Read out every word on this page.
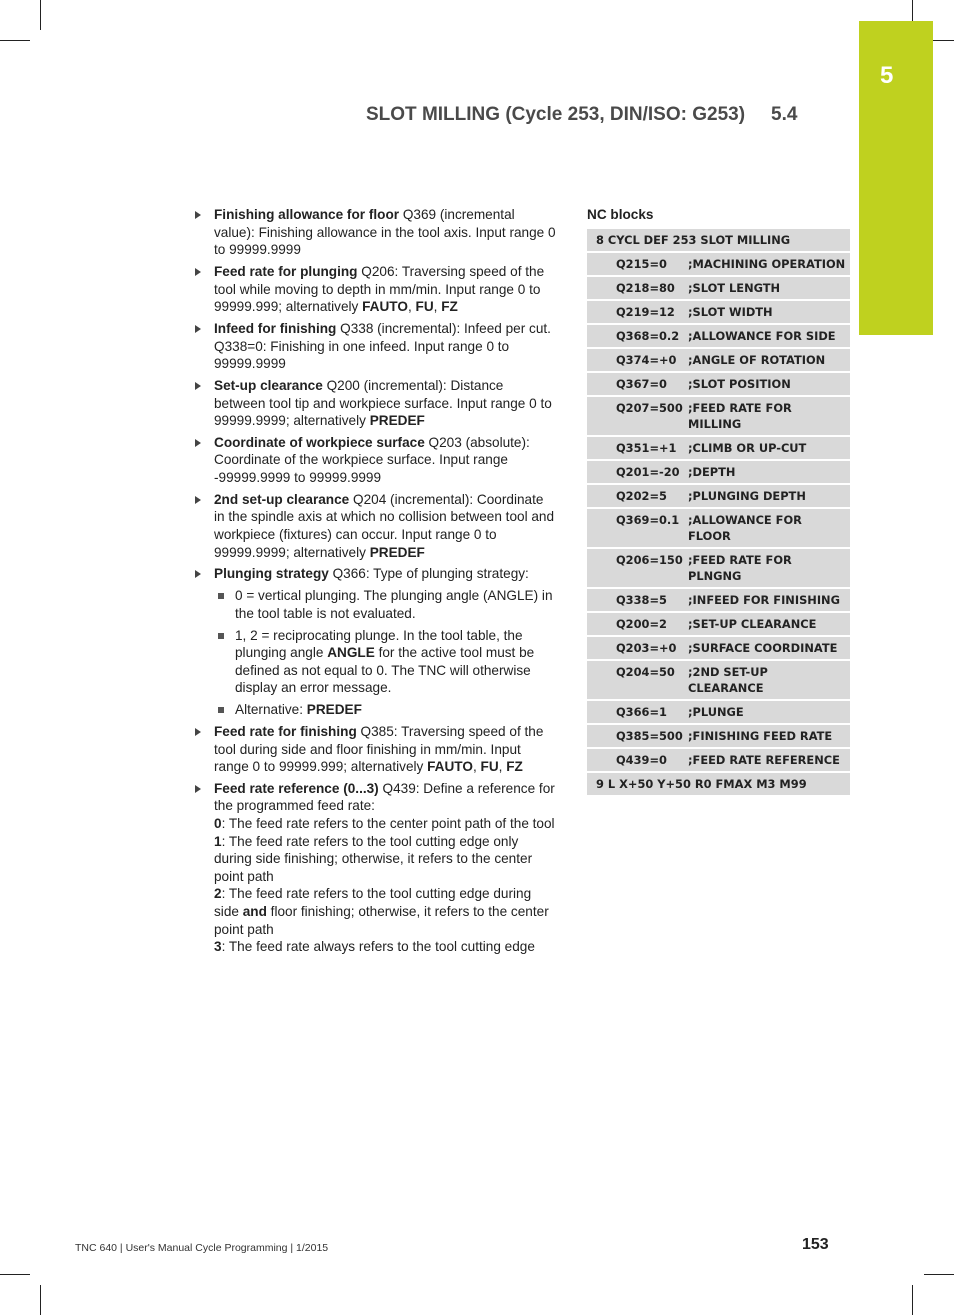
5
SLOT MILLING (Cycle 253, DIN/ISO: G253) 5.4
Finishing allowance for floor Q369 (incremental value): Finishing allowance in the tool axis. Input range 0 to 99999.9999
Feed rate for plunging Q206: Traversing speed of the tool while moving to depth in mm/min. Input range 0 to 99999.999; alternatively FAUTO, FU, FZ
Infeed for finishing Q338 (incremental): Infeed per cut. Q338=0: Finishing in one infeed. Input range 0 to 99999.9999
Set-up clearance Q200 (incremental): Distance between tool tip and workpiece surface. Input range 0 to 99999.9999; alternatively PREDEF
Coordinate of workpiece surface Q203 (absolute): Coordinate of the workpiece surface. Input range -99999.9999 to 99999.9999
2nd set-up clearance Q204 (incremental): Coordinate in the spindle axis at which no collision between tool and workpiece (fixtures) can occur. Input range 0 to 99999.9999; alternatively PREDEF
Plunging strategy Q366: Type of plunging strategy:
0 = vertical plunging. The plunging angle (ANGLE) in the tool table is not evaluated.
1, 2 = reciprocating plunge. In the tool table, the plunging angle ANGLE for the active tool must be defined as not equal to 0. The TNC will otherwise display an error message.
Alternative: PREDEF
Feed rate for finishing Q385: Traversing speed of the tool during side and floor finishing in mm/min. Input range 0 to 99999.999; alternatively FAUTO, FU, FZ
Feed rate reference (0...3) Q439: Define a reference for the programmed feed rate:
0: The feed rate refers to the center point path of the tool
1: The feed rate refers to the tool cutting edge only during side finishing; otherwise, it refers to the center point path
2: The feed rate refers to the tool cutting edge during side and floor finishing; otherwise, it refers to the center point path
3: The feed rate always refers to the tool cutting edge
NC blocks
8 CYCL DEF 253 SLOT MILLING	
Q215=0	;MACHINING OPERATION
Q218=80	;SLOT LENGTH
Q219=12	;SLOT WIDTH
Q368=0.2	;ALLOWANCE FOR SIDE
Q374=+0	;ANGLE OF ROTATION
Q367=0	;SLOT POSITION
Q207=500	;FEED RATE FOR MILLING
Q351=+1	;CLIMB OR UP-CUT
Q201=-20	;DEPTH
Q202=5	;PLUNGING DEPTH
Q369=0.1	;ALLOWANCE FOR FLOOR
Q206=150	;FEED RATE FOR PLNGNG
Q338=5	;INFEED FOR FINISHING
Q200=2	;SET-UP CLEARANCE
Q203=+0	;SURFACE COORDINATE
Q204=50	;2ND SET-UP CLEARANCE
Q366=1	;PLUNGE
Q385=500	;FINISHING FEED RATE
Q439=0	;FEED RATE REFERENCE
9 L X+50 Y+50 R0 FMAX M3 M99	
TNC 640 | User's Manual Cycle Programming | 1/2015	153
